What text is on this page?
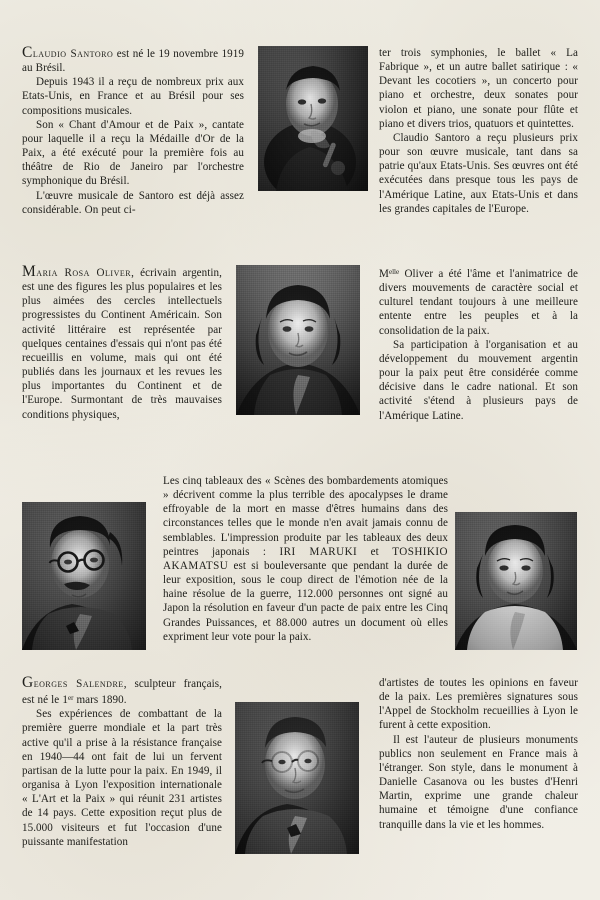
Claudio Santoro est né le 19 novembre 1919 au Brésil.

Depuis 1943 il a reçu de nombreux prix aux Etats-Unis, en France et au Brésil pour ses compositions musicales.

Son « Chant d'Amour et de Paix », cantate pour laquelle il a reçu la Médaille d'Or de la Paix, a été exécuté pour la première fois au théâtre de Rio de Janeiro par l'orchestre symphonique du Brésil.

L'œuvre musicale de Santoro est déjà assez considérable. On peut ci-

ter trois symphonies, le ballet « La Fabrique », et un autre ballet satirique : « Devant les cocotiers », un concerto pour piano et orchestre, deux sonates pour violon et piano, une sonate pour flûte et piano et divers trios, quatuors et quintettes.

Claudio Santoro a reçu plusieurs prix pour son œuvre musicale, tant dans sa patrie qu'aux Etats-Unis. Ses œuvres ont été exécutées dans presque tous les pays de l'Amérique Latine, aux Etats-Unis et dans les grandes capitales de l'Europe.

Maria Rosa Oliver, écrivain argentin, est une des figures les plus populaires et les plus aimées des cercles intellectuels progressistes du Continent Américain. Son activité littéraire est représentée par quelques centaines d'essais qui n'ont pas été recueillis en volume, mais qui ont été publiés dans les journaux et les revues les plus importantes du Continent et de l'Europe. Surmontant de très mauvaises conditions physiques,

$M^{elle}$ Oliver a été l'âme et l'animatrice de divers mouvements de caractère social et culturel tendant toujours à une meilleure entente entre les peuples et à la consolidation de la paix.

Sa participation à l'organisation et au développement du mouvement argentin pour la paix peut être considérée comme décisive dans le cadre national. Et son activité s'étend à plusieurs pays de l'Amérique Latine.

Les cinq tableaux des « Scènes des bombardements atomiques » décrivent comme la plus terrible des apocalypses le drame effroyable de la mort en masse d'êtres humains dans des circonstances telles que le monde n'en avait jamais connu de semblables. L'impression produite par les tableaux des deux peintres japonais : IRI MARUKI et TOSHIKIO AKAMATSU est si bouleversante que pendant la durée de leur exposition, sous le coup direct de l'émotion née de la haine résolue de la guerre, 112.000 personnes ont signé au Japon la résolution en faveur d'un pacte de paix entre les Cinq Grandes Puissances, et 88.000 autres un document où elles expriment leur vote pour la paix.

Georges Salendre, sculpteur français, est né le 1er mars 1890.

Ses expériences de combattant de la première guerre mondiale et la part très active qu'il a prise à la résistance française en 1940—44 ont fait de lui un fervent partisan de la lutte pour la paix. En 1949, il organisa à Lyon l'exposition internationale « L'Art et la Paix » qui réunit 231 artistes de 14 pays. Cette exposition reçut plus de 15.000 visiteurs et fut l'occasion d'une puissante manifestation

d'artistes de toutes les opinions en faveur de la paix. Les premières signatures sous l'Appel de Stockholm recueillies à Lyon le furent à cette exposition.

Il est l'auteur de plusieurs monuments publics non seulement en France mais à l'étranger. Son style, dans le monument à Danielle Casanova ou les bustes d'Henri Martin, exprime une grande chaleur humaine et témoigne d'une confiance tranquille dans la vie et les hommes.
